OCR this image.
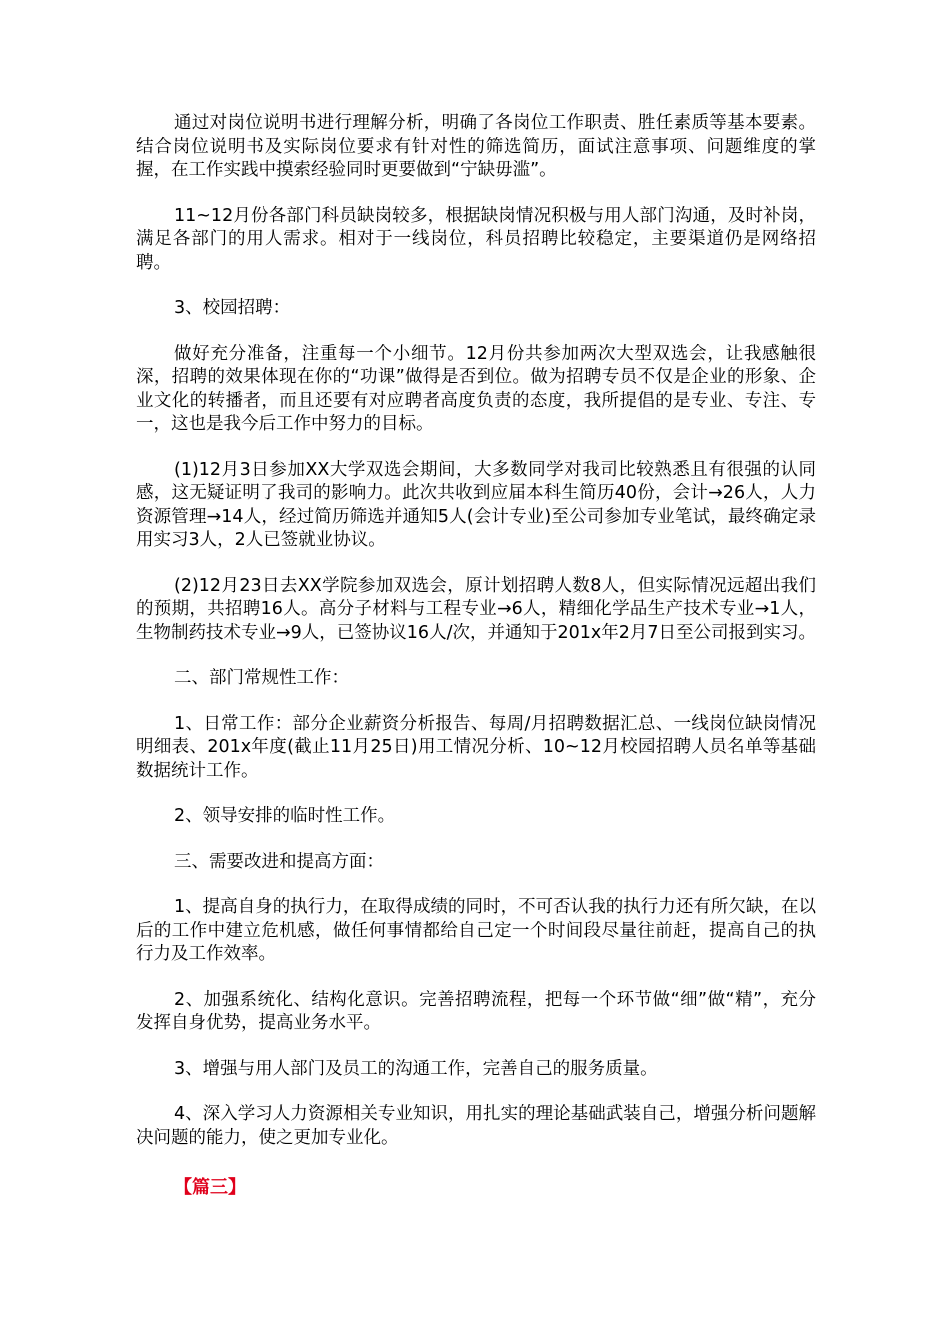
通过对岗位说明书进行理解分析，明确了各岗位工作职责、胜任素质等基本要素。结合岗位说明书及实际岗位要求有针对性的筛选简历，面试注意事项、问题维度的掌握，在工作实践中摸索经验同时更要做到“宁缺毋滥”。

11~12月份各部门科员缺岗较多，根据缺岗情况积极与用人部门沟通，及时补岗，满足各部门的用人需求。相对于一线岗位，科员招聘比较稳定，主要渠道仍是网络招聘。

3、校园招聘：

做好充分准备，注重每一个小细节。12月份共参加两次大型双选会，让我感触很深，招聘的效果体现在你的“功课”做得是否到位。做为招聘专员不仅是企业的形象、企业文化的转播者，而且还要有对应聘者高度负责的态度，我所提倡的是专业、专注、专一，这也是我今后工作中努力的目标。

(1)12月3日参加XX大学双选会期间，大多数同学对我司比较熟悉且有很强的认同感，这无疑证明了我司的影响力。此次共收到应届本科生简历40份，会计→26人，人力资源管理→14人，经过简历筛选并通知5人(会计专业)至公司参加专业笔试，最终确定录用实习3人，2人已签就业协议。

(2)12月23日去XX学院参加双选会，原计划招聘人数8人，但实际情况远超出我们的预期，共招聘16人。高分子材料与工程专业→6人，精细化学品生产技术专业→1人，生物制药技术专业→9人，已签协议16人/次，并通知于201x年2月7日至公司报到实习。

二、部门常规性工作：

1、日常工作：部分企业薪资分析报告、每周/月招聘数据汇总、一线岗位缺岗情况明细表、201x年度(截止11月25日)用工情况分析、10~12月校园招聘人员名单等基础数据统计工作。

2、领导安排的临时性工作。

三、需要改进和提高方面：

1、提高自身的执行力，在取得成绩的同时，不可否认我的执行力还有所欠缺，在以后的工作中建立危机感，做任何事情都给自己定一个时间段尽量往前赶，提高自己的执行力及工作效率。

2、加强系统化、结构化意识。完善招聘流程，把每一个环节做“细”做“精”，充分发挥自身优势，提高业务水平。

3、增强与用人部门及员工的沟通工作，完善自己的服务质量。

4、深入学习人力资源相关专业知识，用扎实的理论基础武装自己，增强分析问题解决问题的能力，使之更加专业化。

【篇三】
